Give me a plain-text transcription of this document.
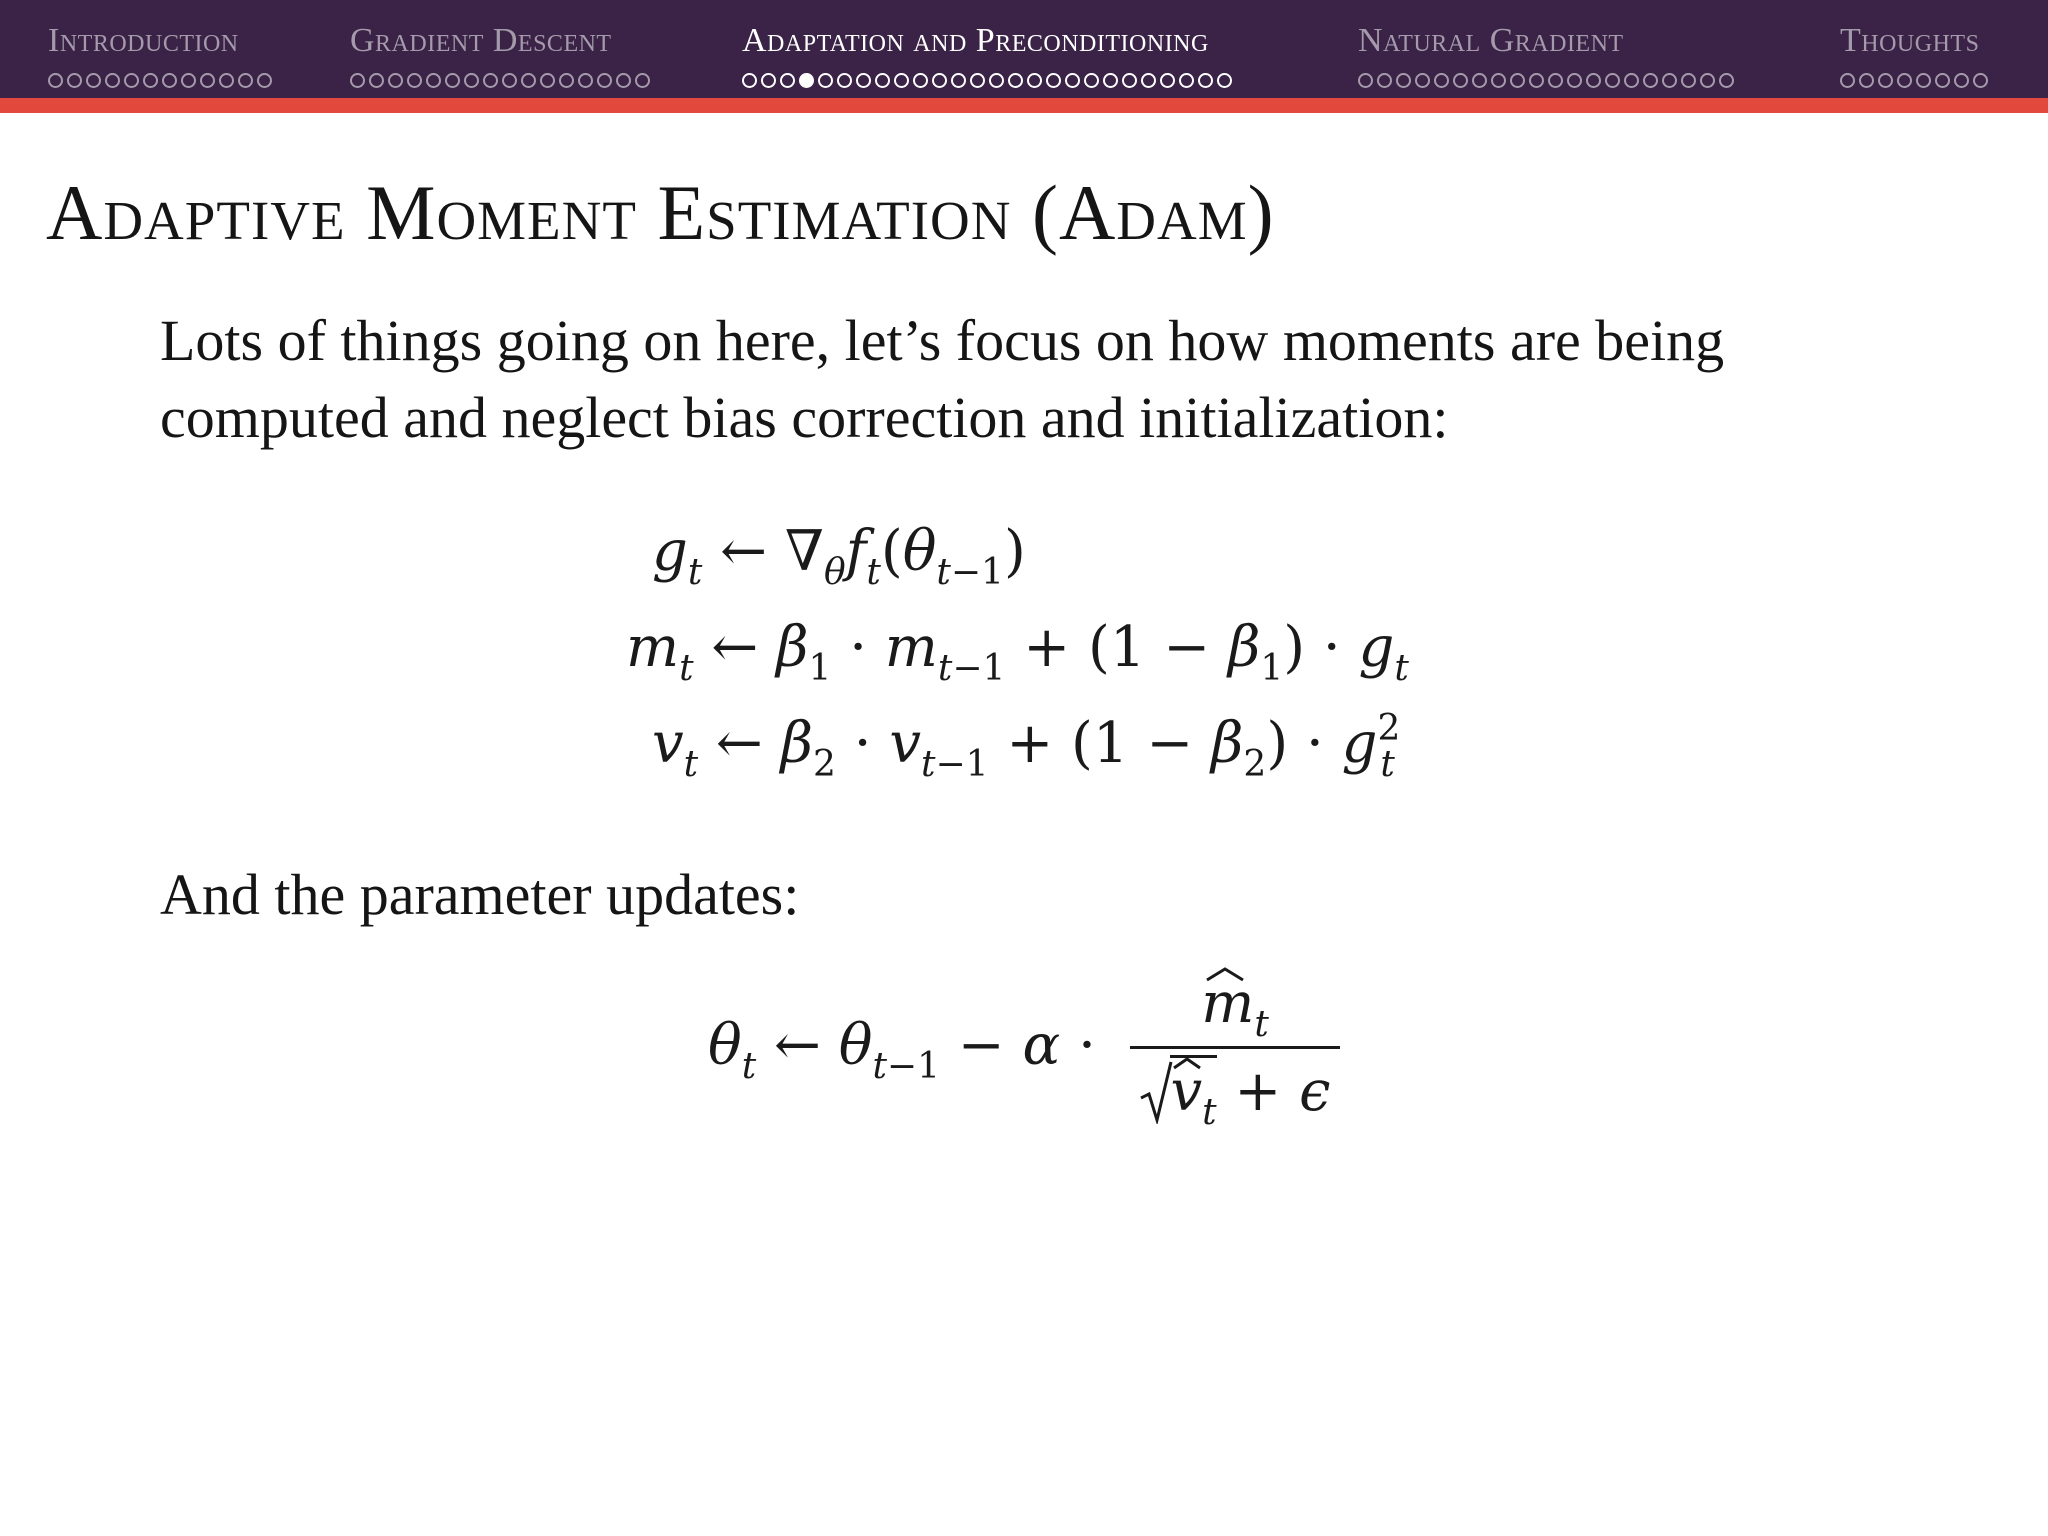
Introduction	Gradient Descent	Adaptation and Preconditioning	Natural Gradient	Thoughts
Adaptive Moment Estimation (Adam)
Lots of things going on here, let’s focus on how moments are being computed and neglect bias correction and initialization:
$g_t$ ← $\nabla_\theta f_t(\theta_{t-1})$
$m_t$ ← $\beta_1 \cdot m_{t-1} + (1 - \beta_1) \cdot g_t$
$v_t$ ← $\beta_2 \cdot v_{t-1} + (1 - \beta_2) \cdot g^2_t$
And the parameter updates:
$\theta_t$ ← $\theta_{t-1} - \alpha$ ·
$m_t$
$v_t + \epsilon$
